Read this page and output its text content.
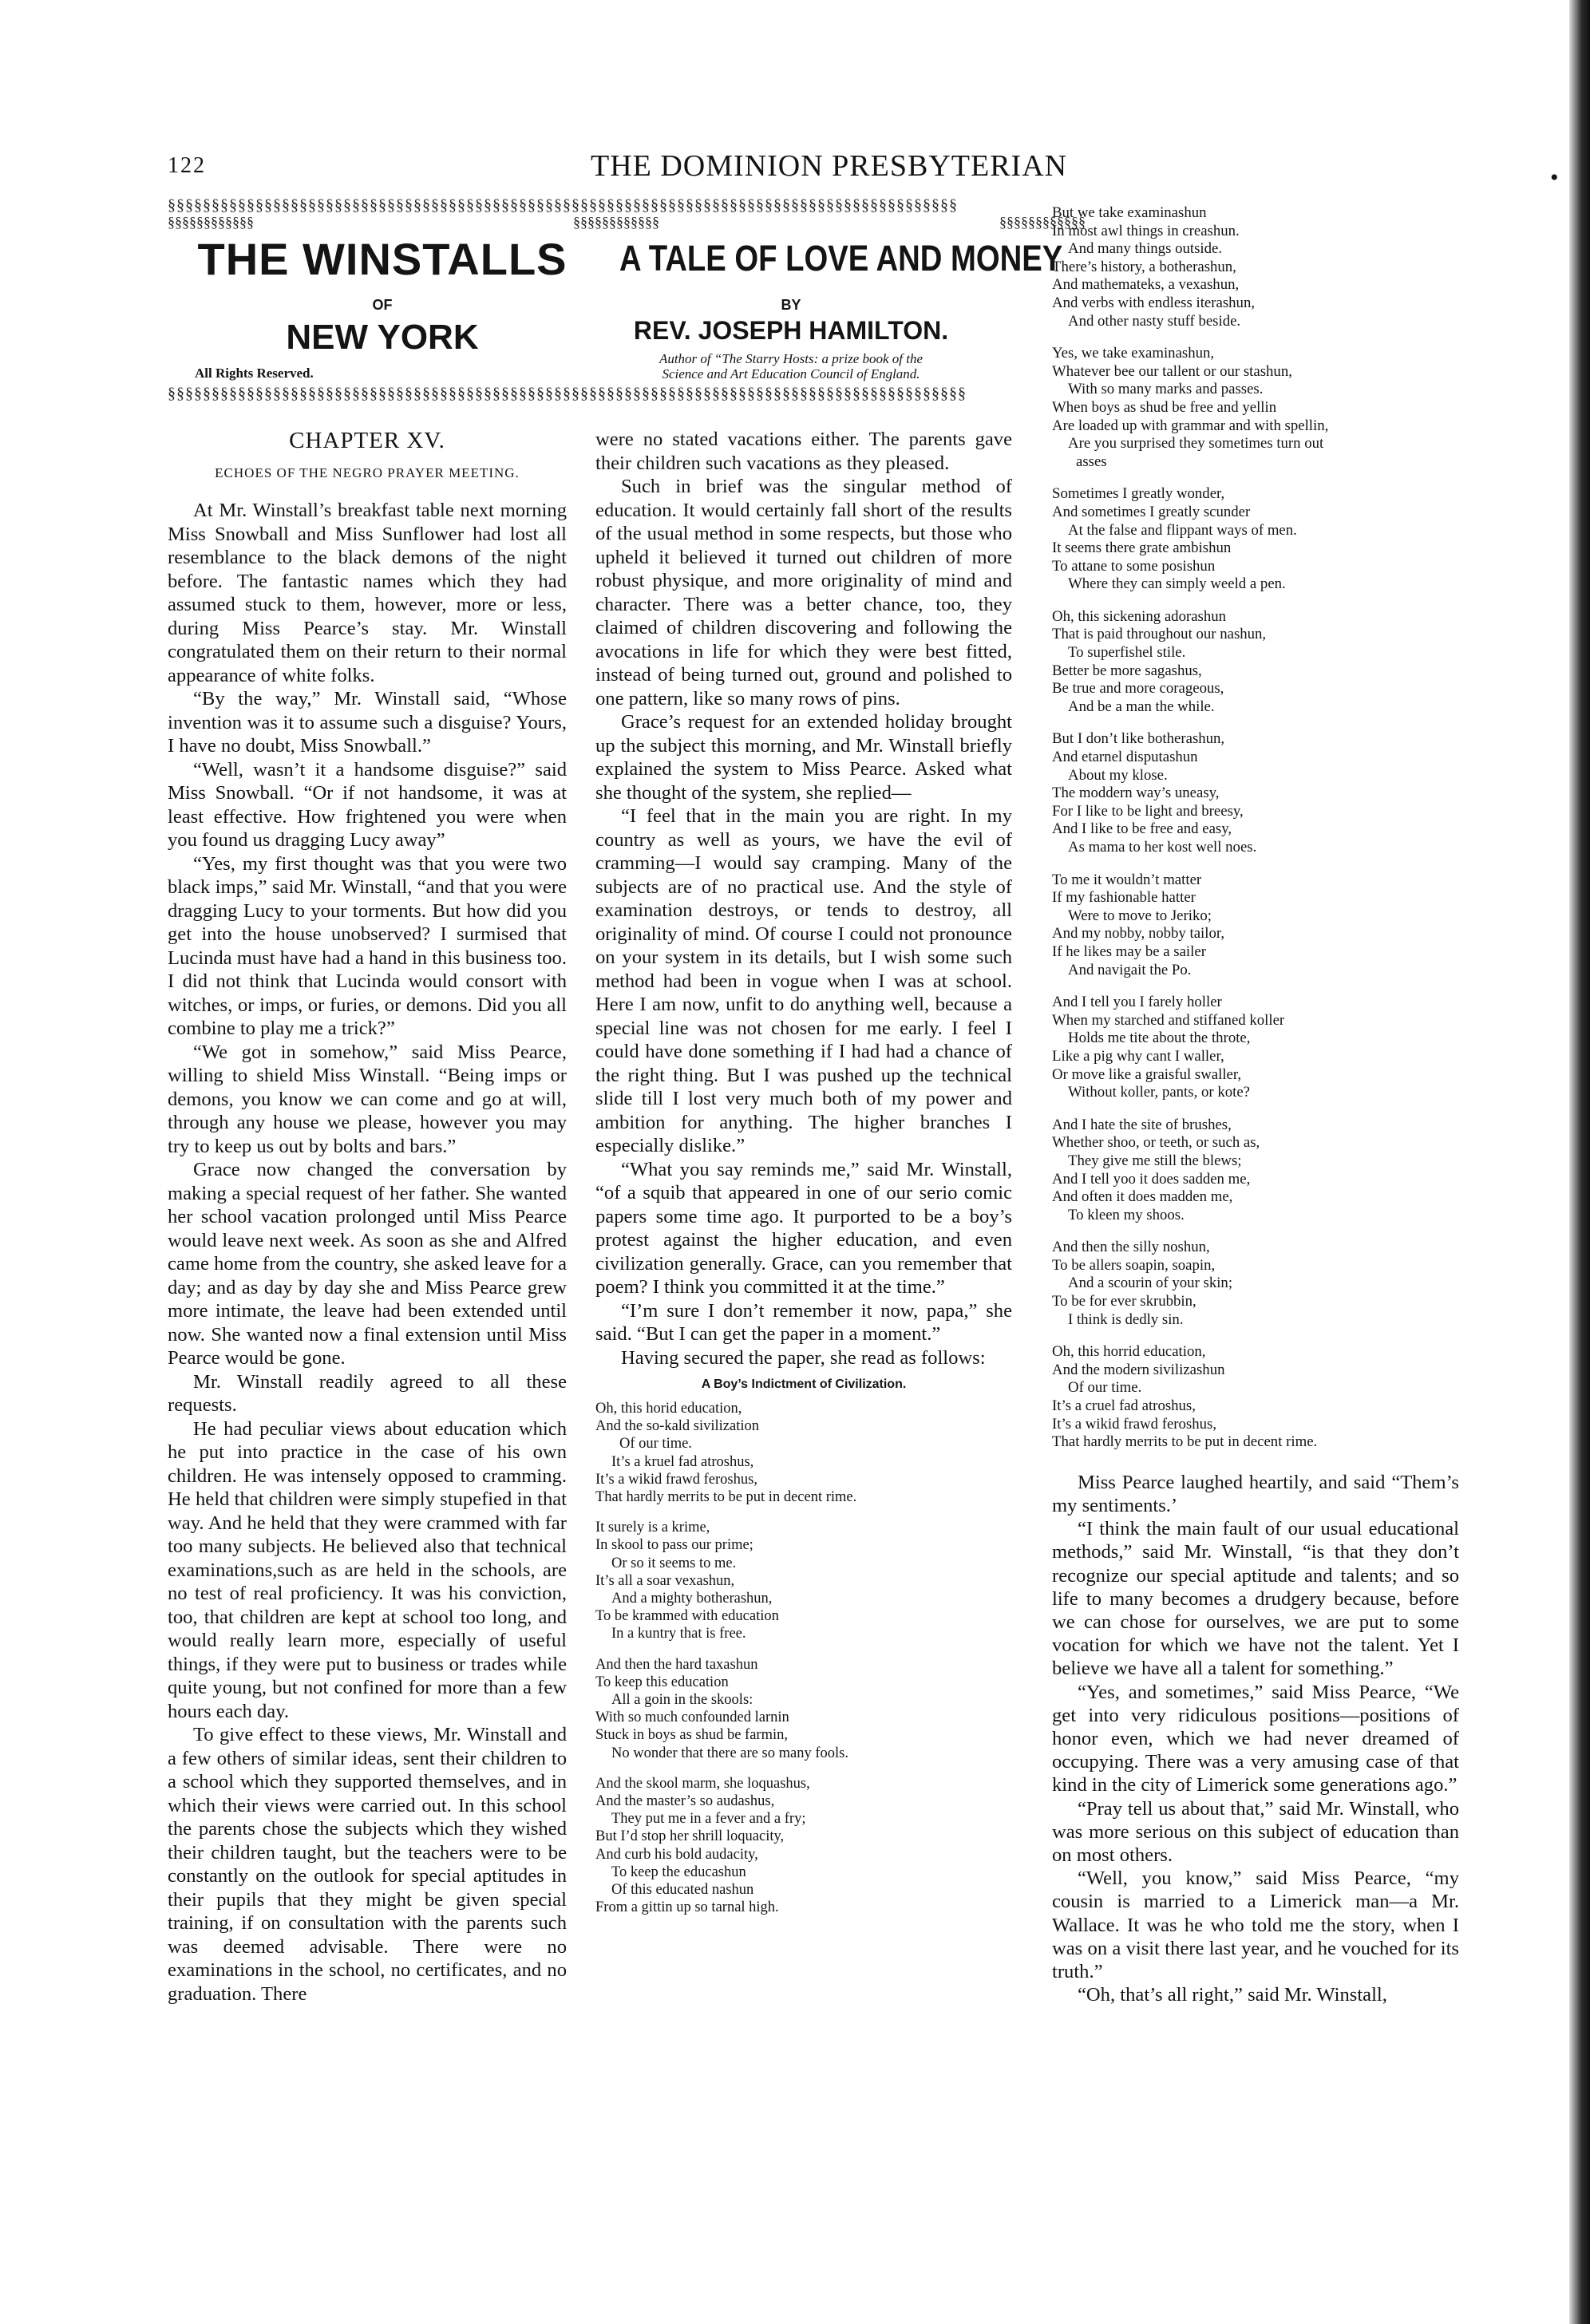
122	THE DOMINION PRESBYTERIAN	•
§§§§§§§§§§§§§§§§§§§§§§§§§§§§§§§§§§§§§§§§§§§§§§§§§§§§§§§§§§§§§§§§§§§§§§§§§§§§§§§§§§§§§§§§§§
§§§§§§§§§§§§	§§§§§§§§§§§§	§§§§§§§§§§§§
THE WINSTALLS
OF
NEW YORK
All Rights Reserved.
A TALE OF LOVE AND MONEY
BY
REV. JOSEPH HAMILTON.
Author of “The Starry Hosts: a prize book of the
Science and Art Education Council of England.
§§§§§§§§§§§§§§§§§§§§§§§§§§§§§§§§§§§§§§§§§§§§§§§§§§§§§§§§§§§§§§§§§§§§§§§§§§§§§§§§§§§§§§§§§§§
CHAPTER XV.
ECHOES OF THE NEGRO PRAYER MEETING.

At Mr. Winstall’s breakfast table next morning Miss Snowball and Miss Sunflower had lost all resemblance to the black demons of the night before. The fantastic names which they had assumed stuck to them, however, more or less, during Miss Pearce’s stay. Mr. Winstall congratulated them on their return to their normal appearance of white folks.

“By the way,” Mr. Winstall said, “Whose invention was it to assume such a disguise? Yours, I have no doubt, Miss Snowball.”

“Well, wasn’t it a handsome disguise?” said Miss Snowball. “Or if not handsome, it was at least effective. How frightened you were when you found us dragging Lucy away”

“Yes, my first thought was that you were two black imps,” said Mr. Winstall, “and that you were dragging Lucy to your torments. But how did you get into the house unobserved? I surmised that Lucinda must have had a hand in this business too. I did not think that Lucinda would consort with witches, or imps, or furies, or demons. Did you all combine to play me a trick?”

“We got in somehow,” said Miss Pearce, willing to shield Miss Winstall. “Being imps or demons, you know we can come and go at will, through any house we please, however you may try to keep us out by bolts and bars.”

Grace now changed the conversation by making a special request of her father. She wanted her school vacation prolonged until Miss Pearce would leave next week. As soon as she and Alfred came home from the country, she asked leave for a day; and as day by day she and Miss Pearce grew more intimate, the leave had been extended until now. She wanted now a final extension until Miss Pearce would be gone.

Mr. Winstall readily agreed to all these requests.

He had peculiar views about education which he put into practice in the case of his own children. He was intensely opposed to cramming. He held that children were simply stupefied in that way. And he held that they were crammed with far too many subjects. He believed also that technical examinations,such as are held in the schools, are no test of real proficiency. It was his conviction, too, that children are kept at school too long, and would really learn more, especially of useful things, if they were put to business or trades while quite young, but not confined for more than a few hours each day.

To give effect to these views, Mr. Winstall and a few others of similar ideas, sent their children to a school which they supported themselves, and in which their views were carried out. In this school the parents chose the subjects which they wished their children taught, but the teachers were to be constantly on the outlook for special aptitudes in their pupils that they might be given special training, if on consultation with the parents such was deemed advisable. There were no examinations in the school, no certificates, and no graduation. There

were no stated vacations either. The parents gave their children such vacations as they pleased.

Such in brief was the singular method of education. It would certainly fall short of the results of the usual method in some respects, but those who upheld it believed it turned out children of more robust physique, and more originality of mind and character. There was a better chance, too, they claimed of children discovering and following the avocations in life for which they were best fitted, instead of being turned out, ground and polished to one pattern, like so many rows of pins.

Grace’s request for an extended holiday brought up the subject this morning, and Mr. Winstall briefly explained the system to Miss Pearce. Asked what she thought of the system, she replied—

“I feel that in the main you are right. In my country as well as yours, we have the evil of cramming—I would say cramping. Many of the subjects are of no practical use. And the style of examination destroys, or tends to destroy, all originality of mind. Of course I could not pronounce on your system in its details, but I wish some such method had been in vogue when I was at school. Here I am now, unfit to do anything well, because a special line was not chosen for me early. I feel I could have done something if I had had a chance of the right thing. But I was pushed up the technical slide till I lost very much both of my power and ambition for anything. The higher branches I especially dislike.”

“What you say reminds me,” said Mr. Winstall, “of a squib that appeared in one of our serio comic papers some time ago. It purported to be a boy’s protest against the higher education, and even civilization generally. Grace, can you remember that poem? I think you committed it at the time.”

“I’m sure I don’t remember it now, papa,” she said. “But I can get the paper in a moment.”

Having secured the paper, she read as follows:

A Boy’s Indictment of Civilization.
Oh, this horid education,
And the so-kald sivilization
Of our time.
It’s a kruel fad atroshus,
It’s a wikid frawd feroshus,
That hardly merrits to be put in decent rime.
It surely is a krime,
In skool to pass our prime;
Or so it seems to me.
It’s all a soar vexashun,
And a mighty botherashun,
To be krammed with education
In a kuntry that is free.
And then the hard taxashun
To keep this education
All a goin in the skools:
With so much confounded larnin
Stuck in boys as shud be farmin,
No wonder that there are so many fools.
And the skool marm, she loquashus,
And the master’s so audashus,
They put me in a fever and a fry;
But I’d stop her shrill loquacity,
And curb his bold audacity,
To keep the educashun
Of this educated nashun
From a gittin up so tarnal high.
But we take examinashun
In most awl things in creashun.
And many things outside.
There’s history, a botherashun,
And mathemateks, a vexashun,
And verbs with endless iterashun,
And other nasty stuff beside.
Yes, we take examinashun,
Whatever bee our tallent or our stashun,
With so many marks and passes.
When boys as shud be free and yellin
Are loaded up with grammar and with spellin,
Are you surprised they sometimes turn out
asses
Sometimes I greatly wonder,
And sometimes I greatly scunder
At the false and flippant ways of men.
It seems there grate ambishun
To attane to some posishun
Where they can simply weeld a pen.
Oh, this sickening adorashun
That is paid throughout our nashun,
To superfishel stile.
Better be more sagashus,
Be true and more corageous,
And be a man the while.
But I don’t like botherashun,
And etarnel disputashun
About my klose.
The moddern way’s uneasy,
For I like to be light and breesy,
And I like to be free and easy,
As mama to her kost well noes.
To me it wouldn’t matter
If my fashionable hatter
Were to move to Jeriko;
And my nobby, nobby tailor,
If he likes may be a sailer
And navigait the Po.
And I tell you I farely holler
When my starched and stiffaned koller
Holds me tite about the throte,
Like a pig why cant I waller,
Or move like a graisful swaller,
Without koller, pants, or kote?
And I hate the site of brushes,
Whether shoo, or teeth, or such as,
They give me still the blews;
And I tell yoo it does sadden me,
And often it does madden me,
To kleen my shoos.
And then the silly noshun,
To be allers soapin, soapin,
And a scourin of your skin;
To be for ever skrubbin,
I think is dedly sin.
Oh, this horrid education,
And the modern sivilizashun
Of our time.
It’s a cruel fad atroshus,
It’s a wikid frawd feroshus,
That hardly merrits to be put in decent rime.

Miss Pearce laughed heartily, and said “Them’s my sentiments.’

“I think the main fault of our usual educational methods,” said Mr. Winstall, “is that they don’t recognize our special aptitude and talents; and so life to many becomes a drudgery because, before we can chose for ourselves, we are put to some vocation for which we have not the talent. Yet I believe we have all a talent for something.”

“Yes, and sometimes,” said Miss Pearce, “We get into very ridiculous positions—positions of honor even, which we had never dreamed of occupying. There was a very amusing case of that kind in the city of Limerick some generations ago.”

“Pray tell us about that,” said Mr. Winstall, who was more serious on this subject of education than on most others.

“Well, you know,” said Miss Pearce, “my cousin is married to a Limerick man—a Mr. Wallace. It was he who told me the story, when I was on a visit there last year, and he vouched for its truth.”

“Oh, that’s all right,” said Mr. Winstall,
